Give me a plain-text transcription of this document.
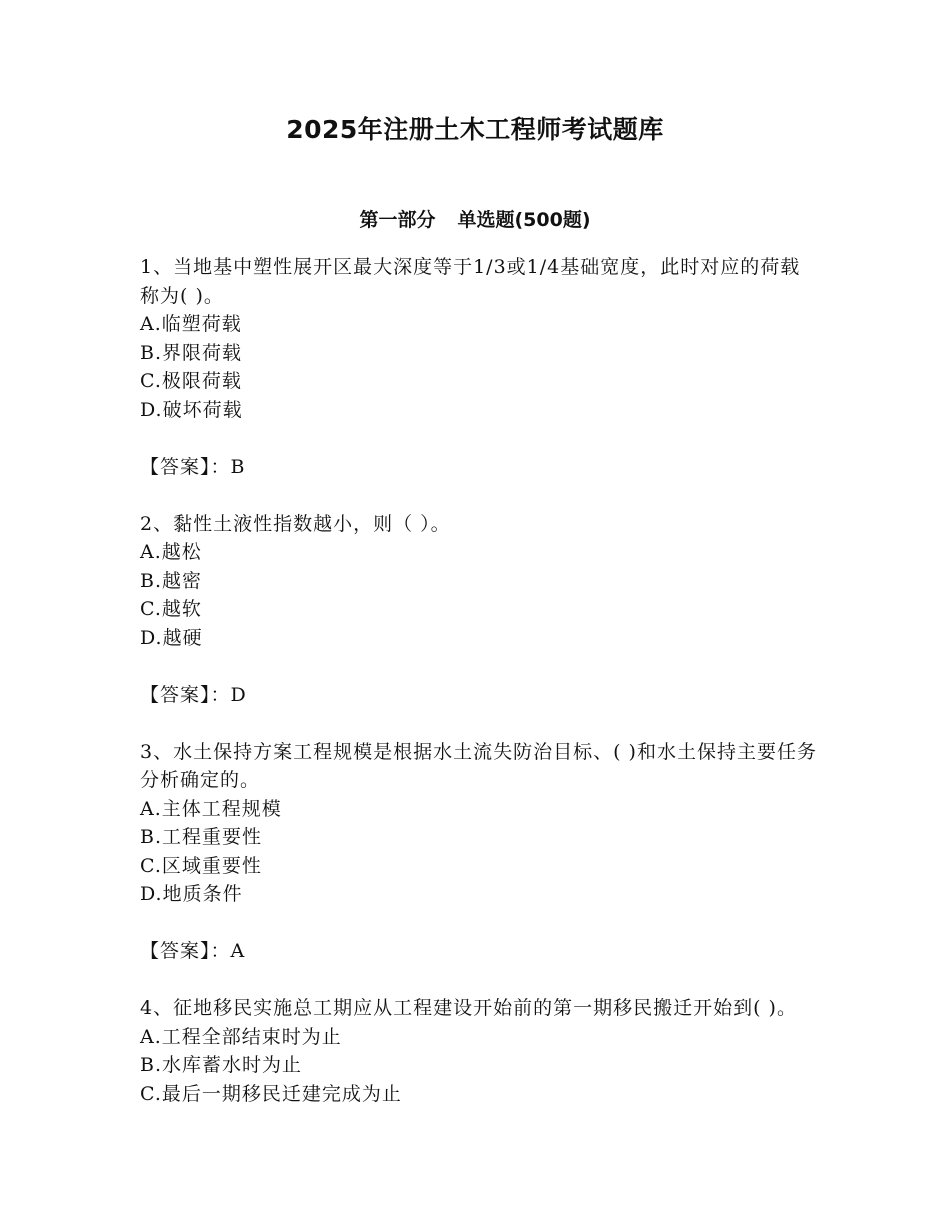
2025年注册土木工程师考试题库
第一部分 单选题(500题)

1、当地基中塑性展开区最大深度等于1/3或1/4基础宽度，此时对应的荷载称为( )。

A.临塑荷载

B.界限荷载

C.极限荷载

D.破坏荷载

【答案】：B

2、黏性土液性指数越小，则（ ）。

A.越松

B.越密

C.越软

D.越硬

【答案】：D

3、水土保持方案工程规模是根据水土流失防治目标、( )和水土保持主要任务分析确定的。

A.主体工程规模

B.工程重要性

C.区域重要性

D.地质条件

【答案】：A

4、征地移民实施总工期应从工程建设开始前的第一期移民搬迁开始到( )。

A.工程全部结束时为止

B.水库蓄水时为止

C.最后一期移民迁建完成为止
